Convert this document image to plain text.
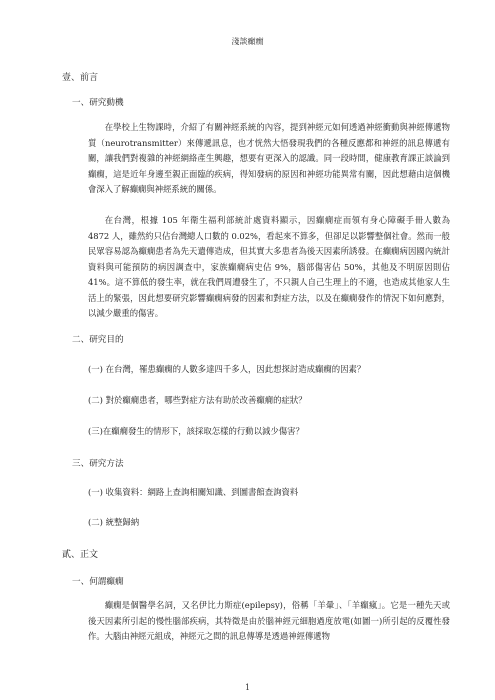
淺談癲癇
壹、前言
一、研究動機

在學校上生物課時，介紹了有關神經系統的內容，提到神經元如何透過神經衝動與神經傳遞物質（neurotransmitter）來傳遞訊息，也才恍然大悟發現我們的各種反應都和神經的訊息傳遞有關，讓我們對複雜的神經網絡產生興趣，想要有更深入的認識。同一段時間，健康教育課正談論到癲癇，這是近年身邊至親正面臨的疾病，得知發病的原因和神經功能異常有關，因此想藉由這個機會深入了解癲癇與神經系統的關係。

在台灣，根據 105 年衛生福利部統計處資料顯示，因癲癇症而領有身心障礙手冊人數為 4872 人，雖然約只佔台灣總人口數的 0.02%，看起來不算多，但卻足以影響整個社會。然而一般民眾容易認為癲癇患者為先天遺傳造成，但其實大多患者為後天因素所誘發。在癲癇病因國內統計資料與可能預防的病因調查中，家族癲癇病史佔 9%，腦部傷害佔 50%，其他及不明原因則佔 41%。這不算低的發生率，就在我們周遭發生了，不只親人自己生理上的不適，也造成其他家人生活上的緊張，因此想要研究影響癲癇病發的因素和對症方法，以及在癲癇發作的情況下如何應對，以減少嚴重的傷害。

二、研究目的
(一) 在台灣，罹患癲癇的人數多達四千多人，因此想探討造成癲癇的因素？
(二) 對於癲癇患者，哪些對症方法有助於改善癲癇的症狀？
(三)在癲癇發生的情形下，該採取怎樣的行動以減少傷害？
三、研究方法
(一) 收集資料：網路上查詢相關知識、到圖書館查詢資料
(二) 統整歸納
貳、正文
一、何謂癲癇

癲癇是個醫學名詞，又名伊比力斯症(epilepsy)，俗稱「羊暈」、「羊癲瘋」。它是一種先天或後天因素所引起的慢性腦部疾病，其特徵是由於腦神經元細胞過度放電(如圖一)所引起的反覆性發作。大腦由神經元組成，神經元之間的訊息傳導是透過神經傳遞物

1
